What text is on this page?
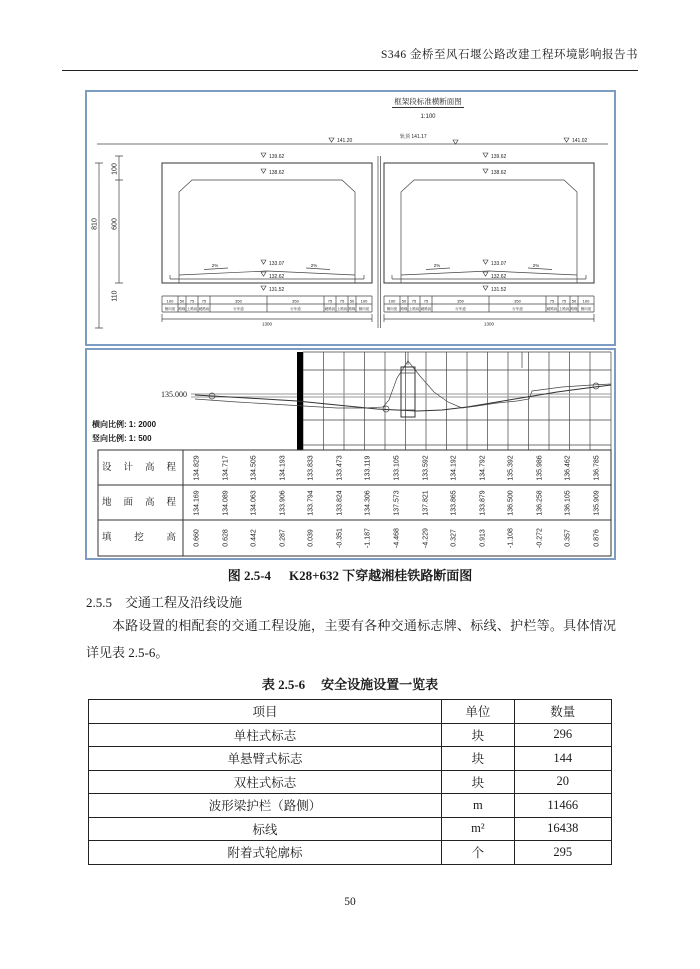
S346 金桥至风石堰公路改建工程环境影响报告书
框架段标准横断面图
1:100
141.20
轨顶 141.17
141.02
100
810 600
110
139.62
138.62
133.07
132.62
131.52
2%	2%
100 50 75 75	350	350	75 75 50 100
侧向宽 路缘 上路肩 硬路肩	行车道	行车道	硬路肩 上路肩 路缘 侧向宽
1300
134.829	134.717	134.505	134.193	133.833	133.473	133.119	133.105	133.592	134.192	134.792	135.392	135.986	136.462	136.785
134.169	134.089	134.063	133.906	133.794	133.824	134.306	137.573	137.821	133.865	133.879	136.500	136.258	136.105	135.909
0.660	0.628	0.442	0.287	0.039	-0.351	-1.187	-4.468	-4.229	0.327	0.913	-1.108	-0.272	0.357	0.876
135.000
横向比例: 1: 2000
竖向比例: 1: 500
设计高程
地面高程
填挖高
图 2.5-4 K28+632 下穿越湘桂铁路断面图
2.5.5 交通工程及沿线设施

本路设置的相配套的交通工程设施，主要有各种交通标志牌、标线、护栏等。具体情况详见表 2.5-6。

表 2.5-6 安全设施设置一览表
项目	单位	数量
单柱式标志	块	296
单悬臂式标志	块	144
双柱式标志	块	20
波形梁护栏（路侧）	m	11466
标线	m²	16438
附着式轮廓标	个	295
50
